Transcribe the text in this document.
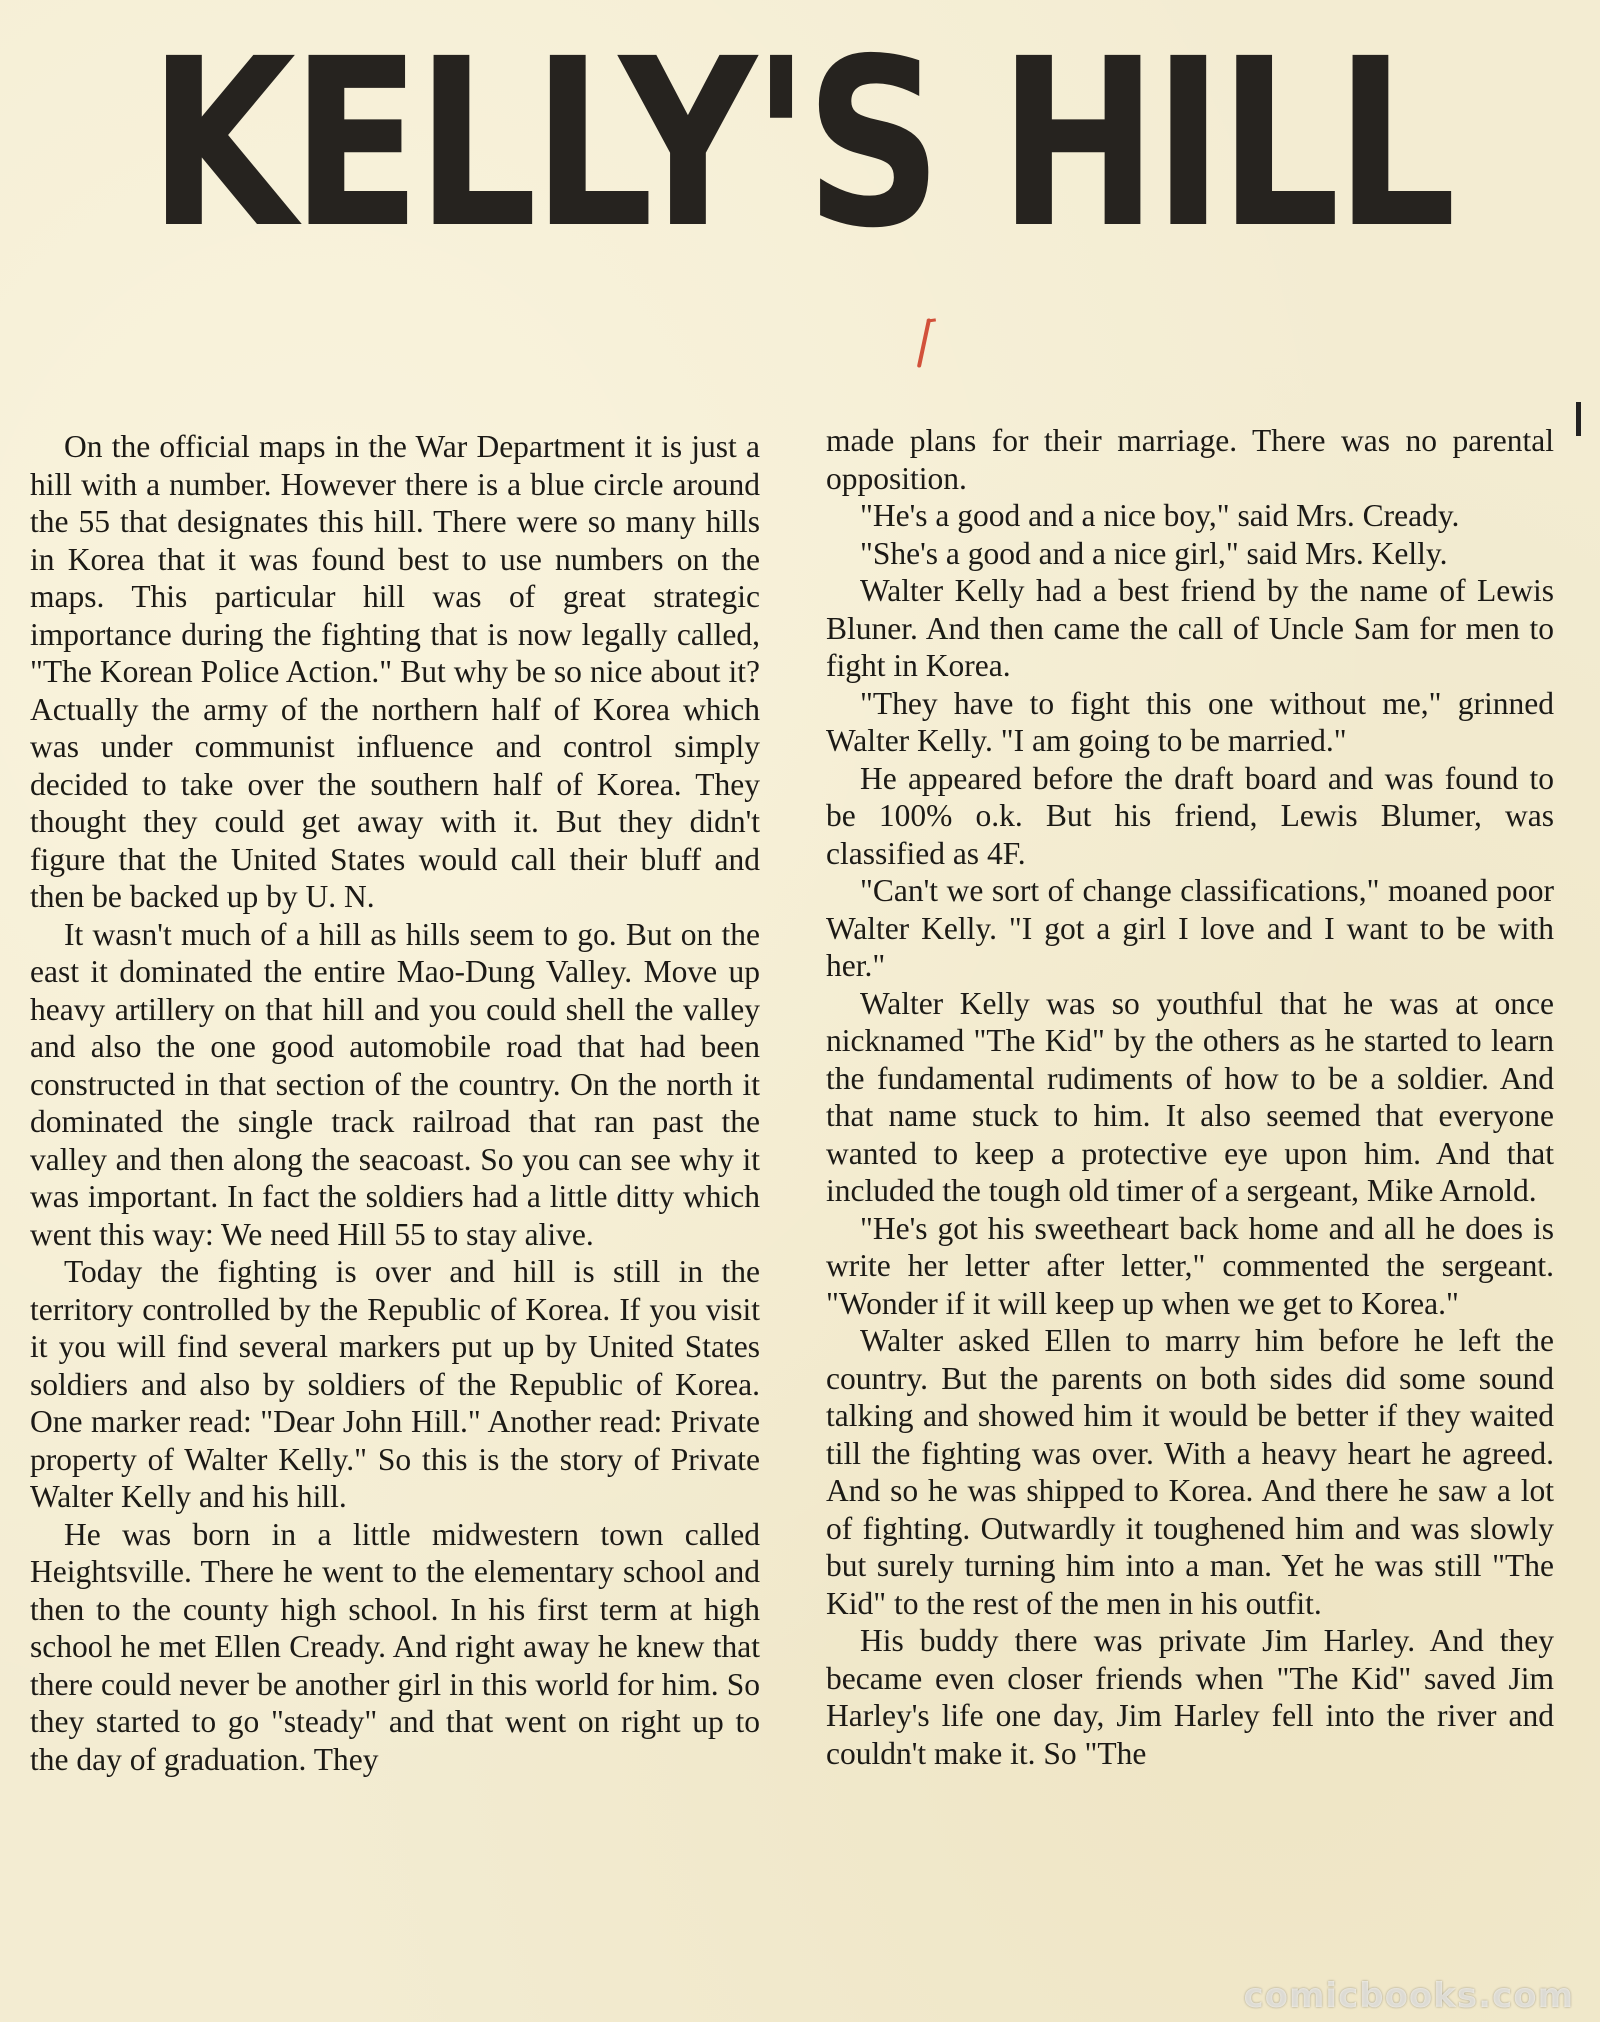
KELLY'S HILL

On the official maps in the War Department it is just a hill with a number. However there is a blue circle around the 55 that designates this hill. There were so many hills in Korea that it was found best to use numbers on the maps. This particular hill was of great strategic importance during the fighting that is now legally called, "The Korean Police Action." But why be so nice about it? Actually the army of the northern half of Korea which was under communist influence and control simply decided to take over the southern half of Korea. They thought they could get away with it. But they didn't figure that the United States would call their bluff and then be backed up by U. N.

It wasn't much of a hill as hills seem to go. But on the east it dominated the entire Mao-Dung Valley. Move up heavy artillery on that hill and you could shell the valley and also the one good automobile road that had been constructed in that section of the country. On the north it dominated the single track railroad that ran past the valley and then along the seacoast. So you can see why it was important. In fact the soldiers had a little ditty which went this way: We need Hill 55 to stay alive.

Today the fighting is over and hill is still in the territory controlled by the Republic of Korea. If you visit it you will find several markers put up by United States soldiers and also by soldiers of the Republic of Korea. One marker read: "Dear John Hill." Another read: Private property of Walter Kelly." So this is the story of Private Walter Kelly and his hill.

He was born in a little midwestern town called Heightsville. There he went to the elementary school and then to the county high school. In his first term at high school he met Ellen Cready. And right away he knew that there could never be another girl in this world for him. So they started to go "steady" and that went on right up to the day of graduation. They

made plans for their marriage. There was no parental opposition.

"He's a good and a nice boy," said Mrs. Cready.

"She's a good and a nice girl," said Mrs. Kelly.

Walter Kelly had a best friend by the name of Lewis Bluner. And then came the call of Uncle Sam for men to fight in Korea.

"They have to fight this one without me," grinned Walter Kelly. "I am going to be married."

He appeared before the draft board and was found to be 100% o.k. But his friend, Lewis Blumer, was classified as 4F.

"Can't we sort of change classifications," moaned poor Walter Kelly. "I got a girl I love and I want to be with her."

Walter Kelly was so youthful that he was at once nicknamed "The Kid" by the others as he started to learn the fundamental rudiments of how to be a soldier. And that name stuck to him. It also seemed that everyone wanted to keep a protective eye upon him. And that included the tough old timer of a sergeant, Mike Arnold.

"He's got his sweetheart back home and all he does is write her letter after letter," commented the sergeant. "Wonder if it will keep up when we get to Korea."

Walter asked Ellen to marry him before he left the country. But the parents on both sides did some sound talking and showed him it would be better if they waited till the fighting was over. With a heavy heart he agreed. And so he was shipped to Korea. And there he saw a lot of fighting. Outwardly it toughened him and was slowly but surely turning him into a man. Yet he was still "The Kid" to the rest of the men in his outfit.

His buddy there was private Jim Harley. And they became even closer friends when "The Kid" saved Jim Harley's life one day, Jim Harley fell into the river and couldn't make it. So "The

comicbooks.com
